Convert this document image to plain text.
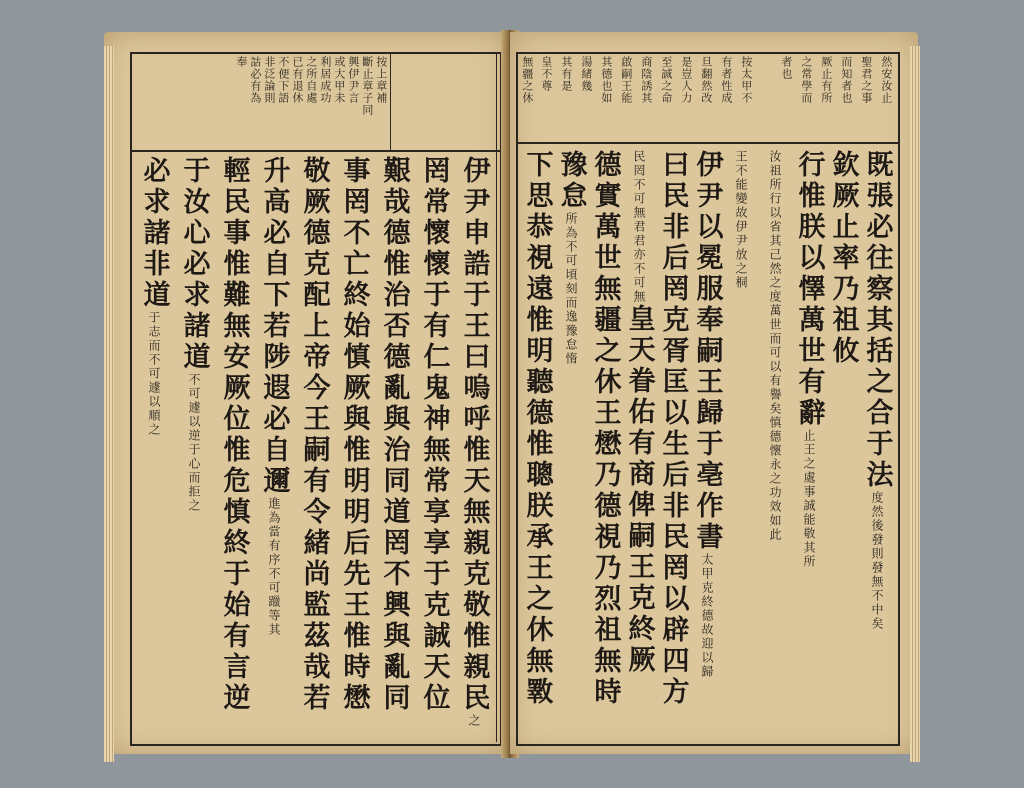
按上章補
斷止章子同
興伊尹言
或大甲未
利居成功
之所自處
已有退休
不便下語
非泛論則
詁必有為
奉
伊尹申誥于王曰嗚呼惟天無親克敬惟親民
之
罔常懷懷于有仁鬼神無常享享于克誠天位
艱哉德惟治否德亂與治同道罔不興與亂同
事罔不亡終始慎厥與惟明明后先王惟時懋
敬厥德克配上帝今王嗣有令緒尚監茲哉若
升高必自下若陟遐必自邇
進為當有序不可躐等其
輕民事惟難無安厥位惟危慎終于始有言逆
于汝心必求諸道
不可遽以逆于心而拒之
必求諸非道
于志而不可遽以順之
然安汝止
聖君之事
而知者也
厥止有所
之常學而
者也
按太甲不
有者性成
旦翻然改
是豈人力
至誠之命
商陰誘其
啟嗣王能
其德也如
湯緒幾
其有是
皇不尊
無疆之休
既張必往察其括之合于法
度然後發則發無不中矣
欽厥止率乃祖攸
行惟朕以懌萬世有辭
止王之處事誠能敬其所
汝祖所行以省其己然之度
萬世而可以有譽矣慎德懷永之功效如此
王不能變故伊
尹放之桐
伊尹以冕服奉嗣王歸于亳作書
太甲克終德故迎以歸
曰民非后罔克胥匡以生后非民罔以辟四方
民罔不可無君君亦不可無
皇天眷佑有商俾嗣王克終厥
德實萬世無疆之休王懋乃德視乃烈祖無時
豫怠
所為不可頃刻而逸豫怠惰
下思恭視遠惟明聽德惟聰朕承王之休無斁
